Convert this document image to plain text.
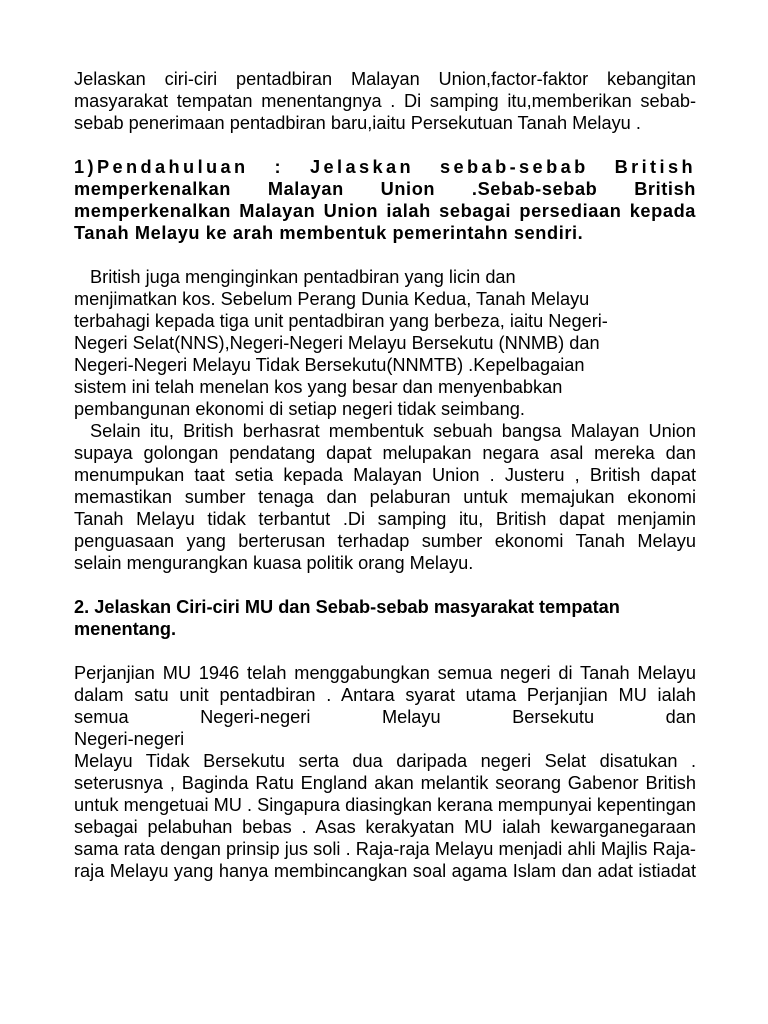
Jelaskan ciri-ciri pentadbiran Malayan Union,factor-faktor kebangitan masyarakat tempatan menentangnya . Di samping itu,memberikan sebab-sebab penerimaan pentadbiran baru,iaitu Persekutuan Tanah Melayu .

1)Pendahuluan : Jelaskan sebab-sebab British memperkenalkan Malayan Union .Sebab-sebab British memperkenalkan Malayan Union ialah sebagai persediaan kepada Tanah Melayu ke arah membentuk pemerintahn sendiri.

British juga menginginkan pentadbiran yang licin dan
menjimatkan kos. Sebelum Perang Dunia Kedua, Tanah Melayu
terbahagi kepada tiga unit pentadbiran yang berbeza, iaitu Negeri-
Negeri Selat(NNS),Negeri-Negeri Melayu Bersekutu (NNMB) dan
Negeri-Negeri Melayu Tidak Bersekutu(NNMTB) .Kepelbagaian
sistem ini telah menelan kos yang besar dan menyenbabkan
pembangunan ekonomi di setiap negeri tidak seimbang.

Selain itu, British berhasrat membentuk sebuah bangsa Malayan Union supaya golongan pendatang dapat melupakan negara asal mereka dan menumpukan taat setia kepada Malayan Union . Justeru , British dapat memastikan sumber tenaga dan pelaburan untuk memajukan ekonomi Tanah Melayu tidak terbantut .Di samping itu, British dapat menjamin penguasaan yang berterusan terhadap sumber ekonomi Tanah Melayu selain mengurangkan kuasa politik orang Melayu.

2. Jelaskan Ciri-ciri MU dan Sebab-sebab masyarakat tempatan menentang.

Perjanjian MU 1946 telah menggabungkan semua negeri di Tanah Melayu dalam satu unit pentadbiran . Antara syarat utama Perjanjian MU ialah semua Negeri-negeri Melayu Bersekutu dan

Negeri-negeri

Melayu Tidak Bersekutu serta dua daripada negeri Selat disatukan . seterusnya , Baginda Ratu England akan melantik seorang Gabenor British untuk mengetuai MU . Singapura diasingkan kerana mempunyai kepentingan sebagai pelabuhan bebas . Asas kerakyatan MU ialah kewarganegaraan sama rata dengan prinsip jus soli . Raja-raja Melayu menjadi ahli Majlis Raja-raja Melayu yang hanya membincangkan soal agama Islam dan adat istiadat
